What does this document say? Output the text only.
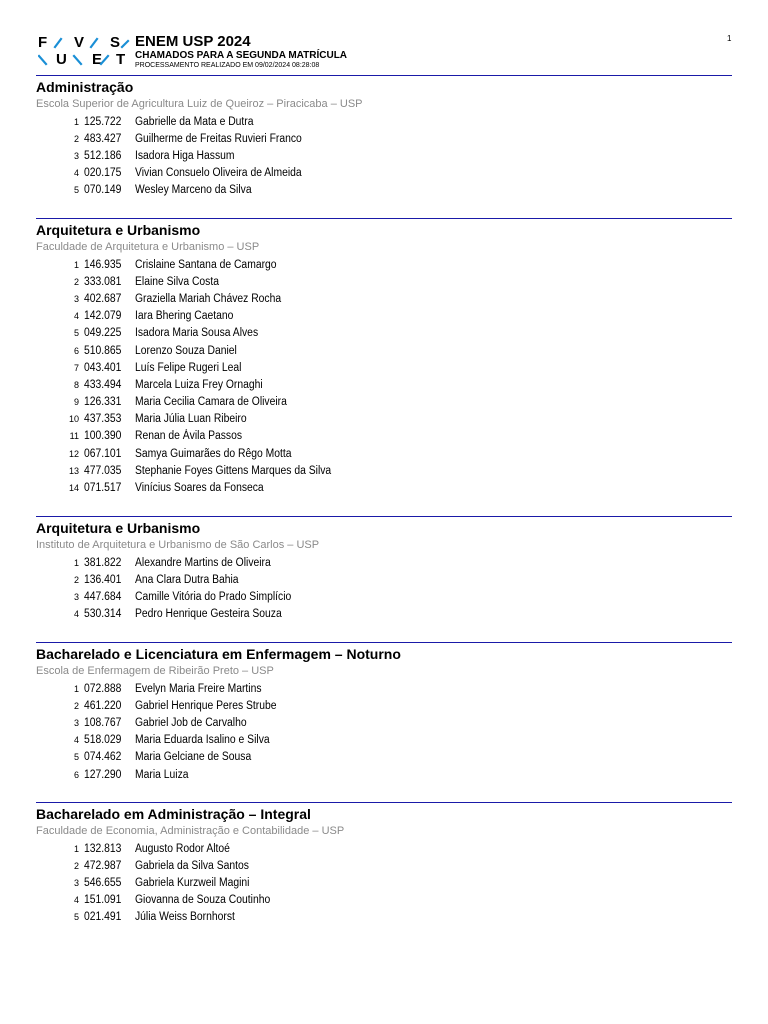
1
F V S
U E T
ENEM USP 2024
CHAMADOS PARA A SEGUNDA MATRÍCULA
PROCESSAMENTO REALIZADO EM 09/02/2024 08:28:08
Administração
Escola Superior de Agricultura Luiz de Queiroz – Piracicaba – USP
1 125.722	Gabrielle da Mata e Dutra
2 483.427	Guilherme de Freitas Ruvieri Franco
3 512.186	Isadora Higa Hassum
4 020.175	Vivian Consuelo Oliveira de Almeida
5 070.149	Wesley Marceno da Silva
Arquitetura e Urbanismo
Faculdade de Arquitetura e Urbanismo – USP
1 146.935	Crislaine Santana de Camargo
2 333.081	Elaine Silva Costa
3 402.687	Graziella Mariah Chávez Rocha
4 142.079	Iara Bhering Caetano
5 049.225	Isadora Maria Sousa Alves
6 510.865	Lorenzo Souza Daniel
7 043.401	Luís Felipe Rugeri Leal
8 433.494	Marcela Luiza Frey Ornaghi
9 126.331	Maria Cecilia Camara de Oliveira
10 437.353	Maria Júlia Luan Ribeiro
11 100.390	Renan de Ávila Passos
12 067.101	Samya Guimarães do Rêgo Motta
13 477.035	Stephanie Foyes Gittens Marques da Silva
14 071.517	Vinícius Soares da Fonseca
Arquitetura e Urbanismo
Instituto de Arquitetura e Urbanismo de São Carlos – USP
1 381.822	Alexandre Martins de Oliveira
2 136.401	Ana Clara Dutra Bahia
3 447.684	Camille Vitória do Prado Simplício
4 530.314	Pedro Henrique Gesteira Souza
Bacharelado e Licenciatura em Enfermagem – Noturno
Escola de Enfermagem de Ribeirão Preto – USP
1 072.888	Evelyn Maria Freire Martins
2 461.220	Gabriel Henrique Peres Strube
3 108.767	Gabriel Job de Carvalho
4 518.029	Maria Eduarda Isalino e Silva
5 074.462	Maria Gelciane de Sousa
6 127.290	Maria Luiza
Bacharelado em Administração – Integral
Faculdade de Economia, Administração e Contabilidade – USP
1 132.813	Augusto Rodor Altoé
2 472.987	Gabriela da Silva Santos
3 546.655	Gabriela Kurzweil Magini
4 151.091	Giovanna de Souza Coutinho
5 021.491	Júlia Weiss Bornhorst
